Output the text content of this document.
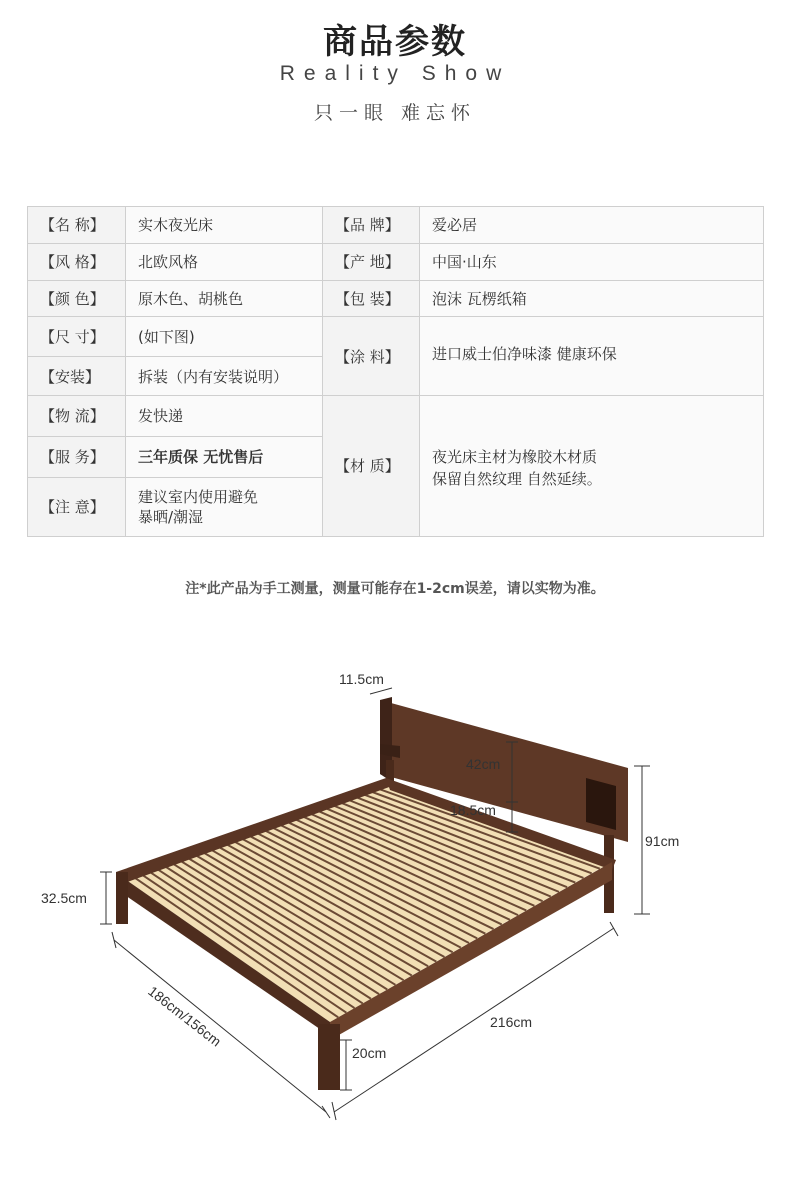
商品参数
Reality Show
只一眼 难忘怀
【名 称】	实木夜光床	【品 牌】	爱必居
【风 格】	北欧风格	【产 地】	中国·山东
【颜 色】	原木色、胡桃色	【包 装】	泡沫 瓦楞纸箱
【尺 寸】	(如下图)	【涂 料】	进口威士伯净味漆 健康环保
【安装】	拆装（内有安装说明）		
【物 流】	发快递	【材 质】	夜光床主材为橡胶木材质
保留自然纹理 自然延续。

【服 务】	三年质保 无忧售后		
【注 意】	建议室内使用避免
暴晒/潮湿		
注*此产品为手工测量，测量可能存在1-2cm误差，请以实物为准。
11.5cm
42cm
18.5cm
91cm
32.5cm
186cm/156cm	216cm
20cm
